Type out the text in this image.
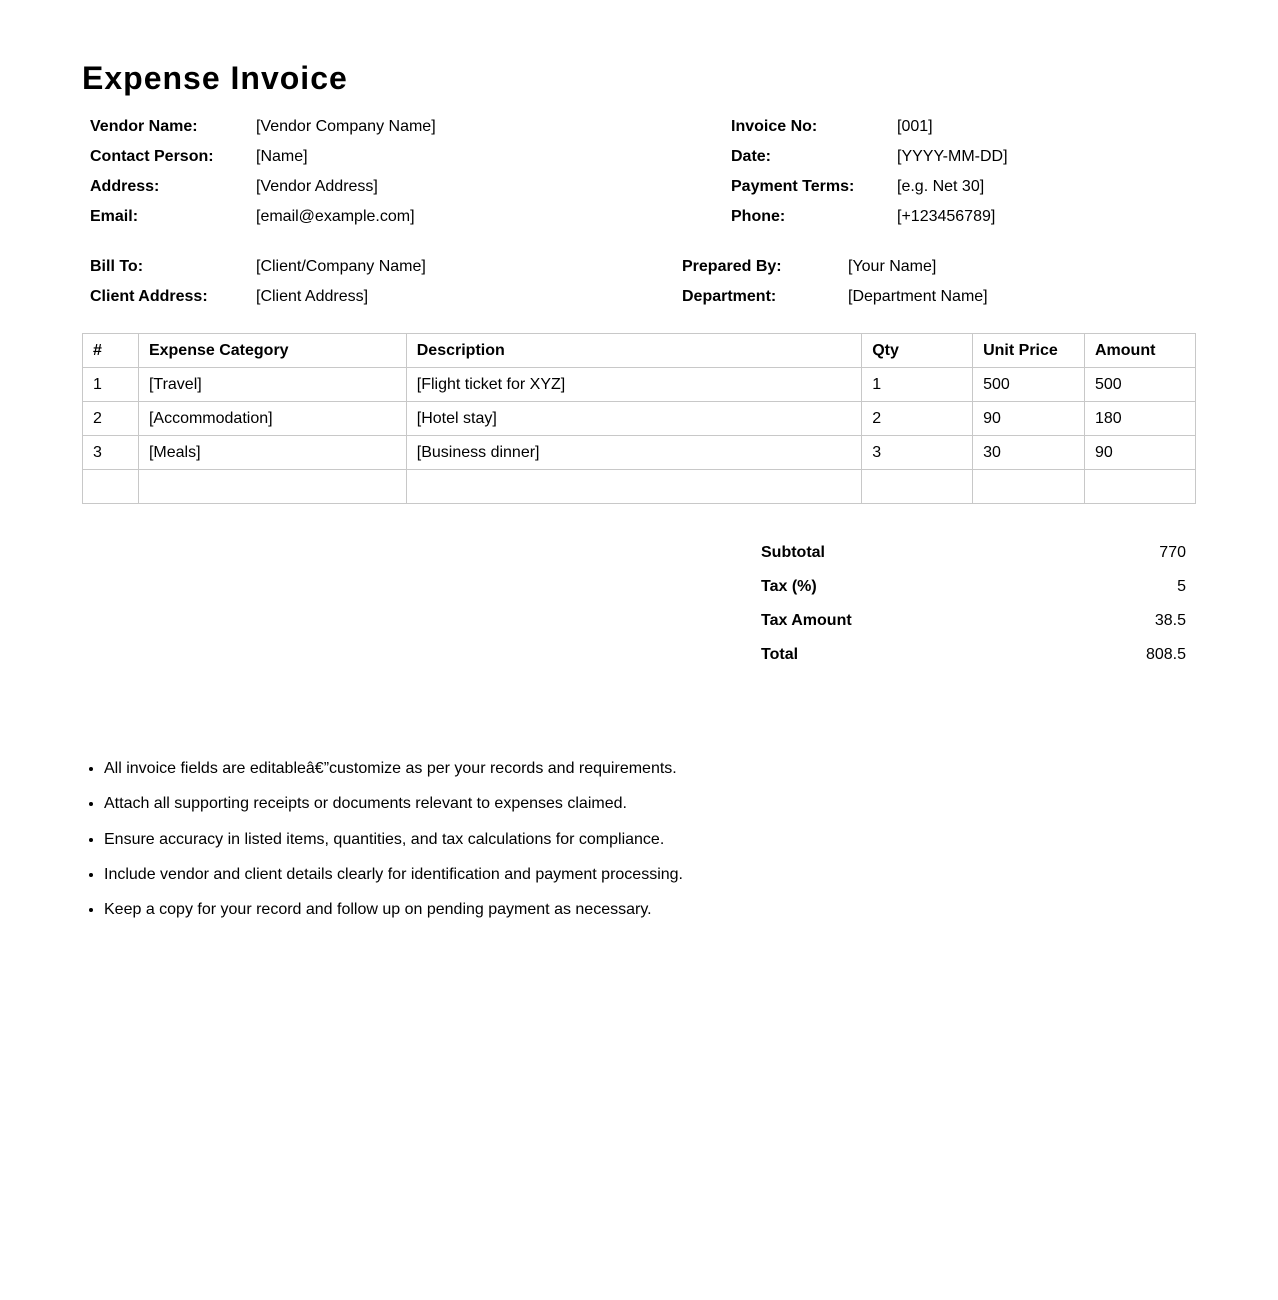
Expense Invoice
Vendor Name:	[Vendor Company Name]
Contact Person:	[Name]
Address:	[Vendor Address]
Email:	[email@example.com]
Invoice No:	[001]
Date:	[YYYY-MM-DD]
Payment Terms:	[e.g. Net 30]
Phone:	[+123456789]
Bill To:	[Client/Company Name]
Client Address:	[Client Address]
Prepared By:	[Your Name]
Department:	[Department Name]
#	Expense Category	Description	Qty	Unit Price	Amount
1	[Travel]	[Flight ticket for XYZ]	1	500	500
2	[Accommodation]	[Hotel stay]	2	90	180
3	[Meals]	[Business dinner]	3	30	90

Subtotal	770
Tax (%)	5
Tax Amount	38.5
Total	808.5
• All invoice fields are editableâ€”customize as per your records and requirements.
• Attach all supporting receipts or documents relevant to expenses claimed.
• Ensure accuracy in listed items, quantities, and tax calculations for compliance.
• Include vendor and client details clearly for identification and payment processing.
• Keep a copy for your record and follow up on pending payment as necessary.
